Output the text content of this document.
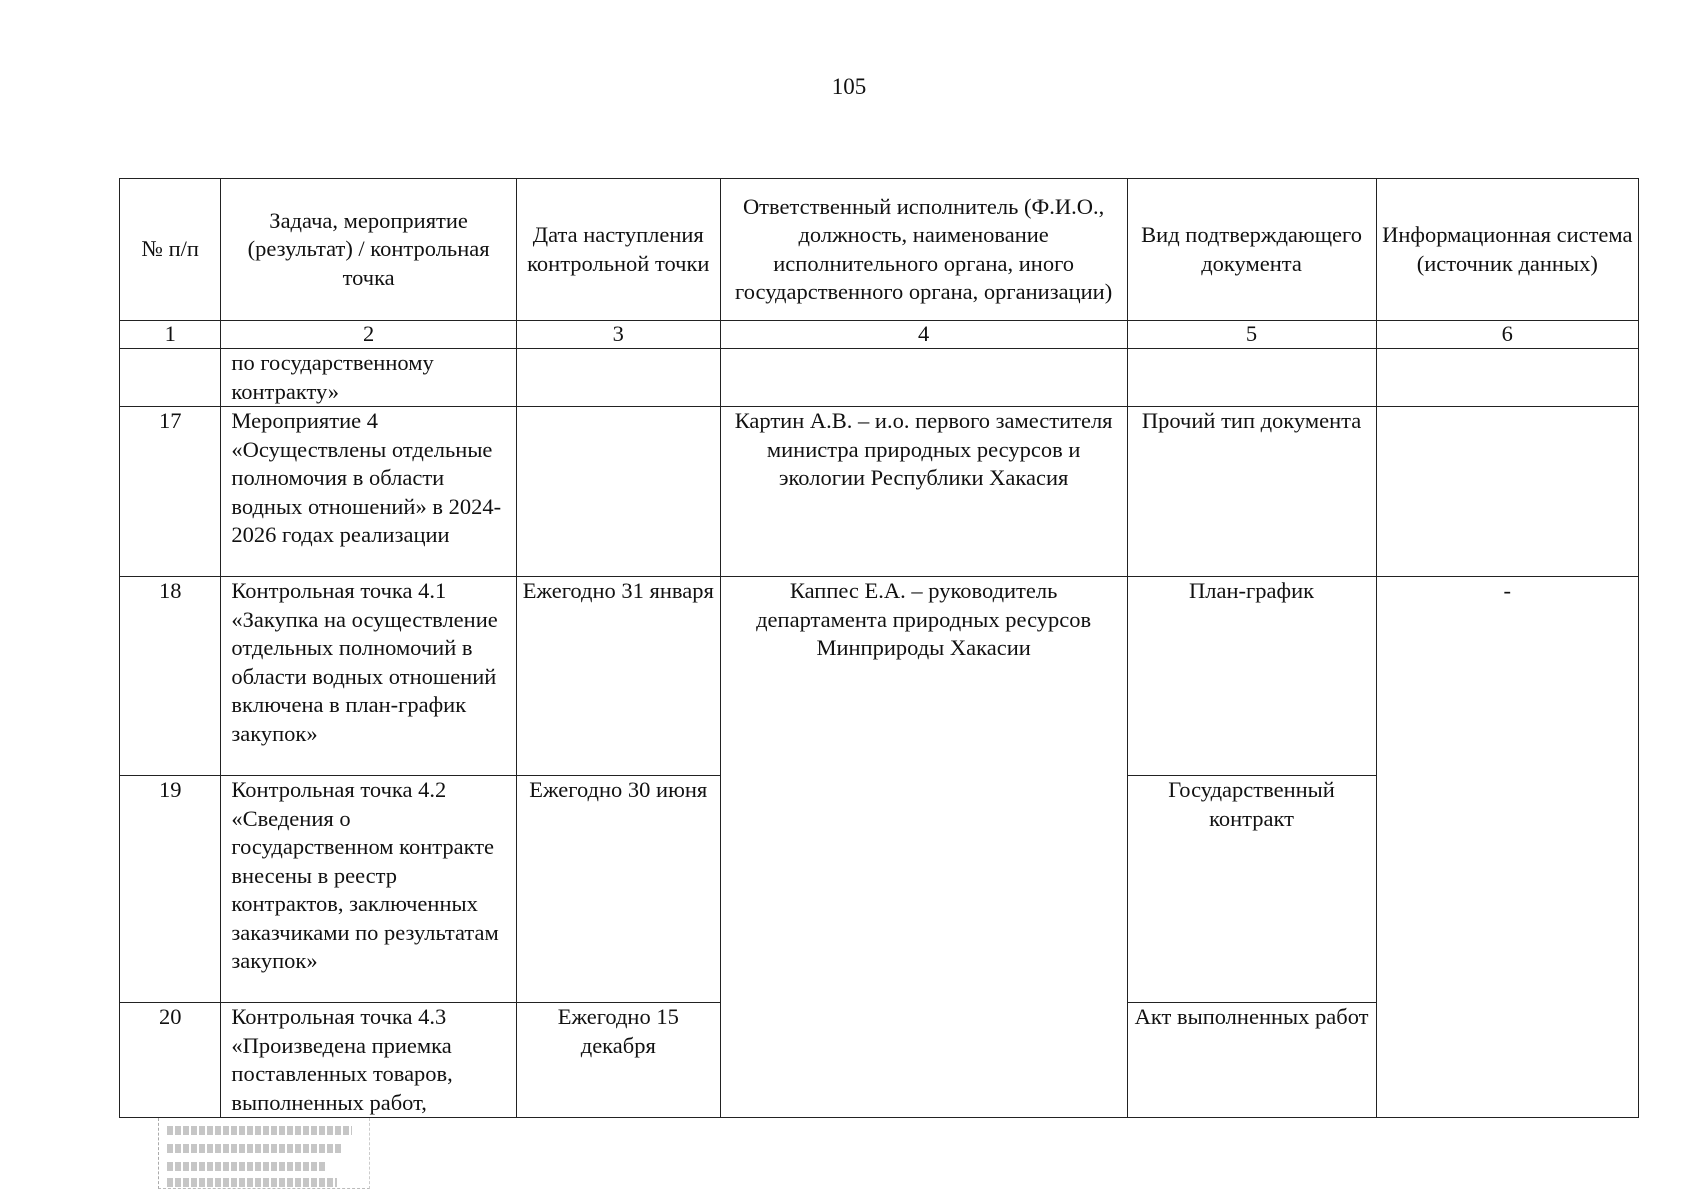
105
№ п/п	Задача, мероприятие (результат) / контрольная точка	Дата наступления контрольной точки	Ответственный исполнитель (Ф.И.О., должность, наименование исполнительного органа, иного государственного органа, организации)	Вид подтверждающего документа	Информационная система (источник данных)
1	2	3	4	5	6
	по государственному контракту»				
17	Мероприятие 4 «Осуществлены отдельные полномочия в области водных отношений» в 2024-2026 годах реализации		Картин А.В. – и.о. первого заместителя министра природных ресурсов и экологии Республики Хакасия	Прочий тип документа	
18	Контрольная точка 4.1 «Закупка на осуществление отдельных полномочий в области водных отношений включена в план-график закупок»	Ежегодно 31 января	Каппес Е.А. – руководитель департамента природных ресурсов Минприроды Хакасии	План-график	-
19	Контрольная точка 4.2 «Сведения о государственном контракте внесены в реестр контрактов, заключенных заказчиками по результатам закупок»	Ежегодно 30 июня		Государственный контракт	
20	Контрольная точка 4.3 «Произведена приемка поставленных товаров, выполненных работ,	Ежегодно 15 декабря		Акт выполненных работ	
